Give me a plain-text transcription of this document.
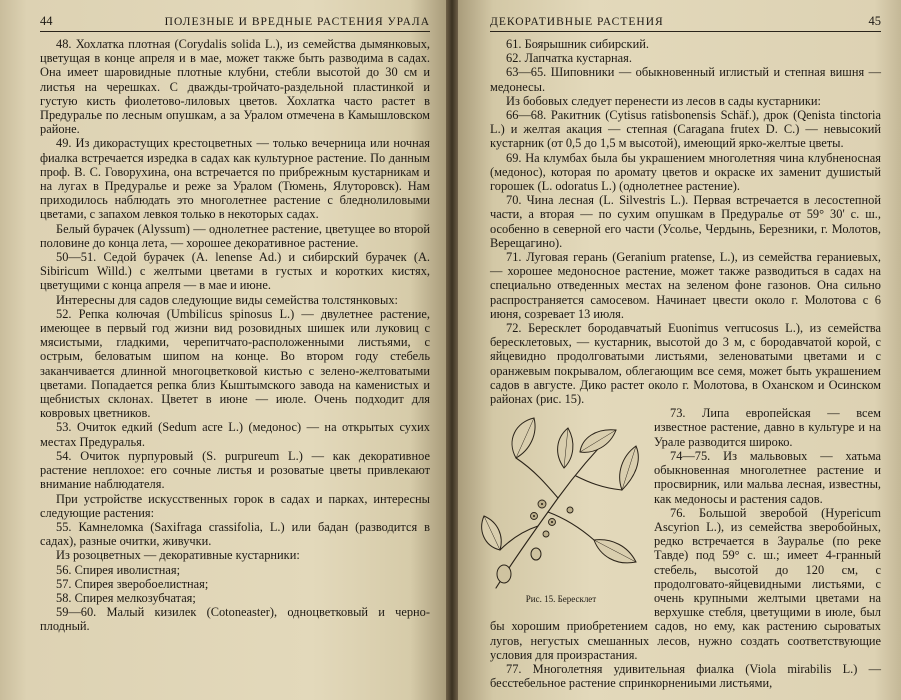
44	ПОЛЕЗНЫЕ И ВРЕДНЫЕ РАСТЕНИЯ УРАЛА

48. Хохлатка плотная (Corydalis solida L.), из семейства дымянковых, цветущая в конце апреля и в мае, может также быть разводима в садах. Она имеет шаровидные плотные клубни, стебли высотой до 30 см и листья на черешках. С дважды-тройчато-раздельной пластинкой и густую кисть фиолетово-лиловых цветов. Хохлатка часто растет в Предуралье по лесным опушкам, а за Уралом отмечена в Камышловском районе.

49. Из дикорастущих крестоцветных — только вечерница или ночная фиалка встречается изредка в садах как культурное растение. По данным проф. В. С. Говорухина, она встречается по прибрежным кустарникам и на лугах в Предуралье и реже за Уралом (Тюмень, Ялуторовск). Нам приходилось наблюдать это многолетнее растение с бледнолиловыми цветами, с запахом левкоя только в некоторых садах.

Белый бурачек (Alyssum) — однолетнее растение, цветущее во второй половине до конца лета, — хорошее декоративное растение.

50—51. Седой бурачек (A. lenense Ad.) и сибирский бурачек (A. Sibiricum Willd.) с желтыми цветами в густых и коротких кистях, цветущими с конца апреля — в мае и июне.

Интересны для садов следующие виды семейства толстянковых:

52. Репка колючая (Umbilicus spinosus L.) — двулетнее растение, имеющее в первый год жизни вид розовидных шишек или луковиц с мясистыми, гладкими, черепитчато-расположенными листьями, с острым, беловатым шипом на конце. Во втором году стебель заканчивается длинной многоцветковой кистью с зелено-желтоватыми цветами. Попадается репка близ Кыштымского завода на каменистых и щебнистых склонах. Цветет в июне — июле. Очень подходит для ковровых цветников.

53. Очиток едкий (Sedum acre L.) (медонос) — на открытых сухих местах Предуралья.

54. Очиток пурпуровый (S. purpureum L.) — как декоративное растение неплохое: его сочные листья и розоватые цветы привлекают внимание наблюдателя.

При устройстве искусственных горок в садах и парках, интересны следующие растения:

55. Камнеломка (Saxifraga crassifolia, L.) или бадан (разводится в садах), разные очитки, живучки.

Из розоцветных — декоративные кустарники:

56. Спирея иволистная;

57. Спирея зверобоелистная;

58. Спирея мелкозубчатая;

59—60. Малый кизилек (Cotoneaster), одноцветковый и черно-плодный.

ДЕКОРАТИВНЫЕ РАСТЕНИЯ	45

61. Боярышник сибирский.

62. Лапчатка кустарная.

63—65. Шиповники — обыкновенный иглистый и степная вишня — медонесы.

Из бобовых следует перенести из лесов в сады кустарники:

66—68. Ракитник (Cytisus ratisbonensis Schäf.), дрок (Qenista tinctoria L.) и желтая акация — степная (Caragana frutex D. C.) — невысокий кустарник (от 0,5 до 1,5 м высотой), имеющий ярко-желтые цветы.

69. На клумбах была бы украшением многолетняя чина клубненосная (медонос), которая по аромату цветов и окраске их заменит душистый горошек (L. odoratus L.) (однолетнее растение).

70. Чина лесная (L. Silvestris L.). Первая встречается в лесостепной части, а вторая — по сухим опушкам в Предуралье от 59° 30' с. ш., особенно в северной его части (Усолье, Чердынь, Березники, г. Молотов, Верещагино).

71. Луговая герань (Geranium pratense, L.), из семейства гераниевых, — хорошее медоносное растение, может также разводиться в садах на специально отведенных местах на зеленом фоне газонов. Она сильно распространяется самосевом. Начинает цвести около г. Молотова с 6 июня, созревает 13 июля.

72. Бересклет бородавчатый Euonimus verrucosus L.), из семейства бересклетовых, — кустарник, высотой до 3 м, с бородавчатой корой, с яйцевидно продолговатыми листьями, зеленоватыми цветами и с оранжевым покрывалом, облегающим все семя, может быть украшением садов в августе. Дико растет около г. Молотова, в Оханском и Осинском районах (рис. 15).

Рис. 15. Бересклет

73. Липа европейская — всем известное растение, давно в культуре и на Урале разводится широко.

74—75. Из мальвовых — хатьма обыкновенная многолетнее растение и просвирник, или мальва лесная, известны, как медоносы и растения садов.

76. Большой зверобой (Hypericum Ascyrion L.), из семейства зверобойных, редко встречается в Зауралье (по реке Тавде) под 59° с. ш.; имеет 4-гранный стебель, высотой до 120 см, с продолговато-яйцевидными листьями, с очень крупными желтыми цветами на верхушке стебля, цветущими в июле, был бы хорошим приобретением садов, но ему, как растению сыроватых лугов, негустых смешанных лесов, нужно создать соответствующие условия для произрастания.

77. Многолетняя удивительная фиалка (Viola mirabilis L.) — бесстебельное растение спринкорнениыми листьями,
